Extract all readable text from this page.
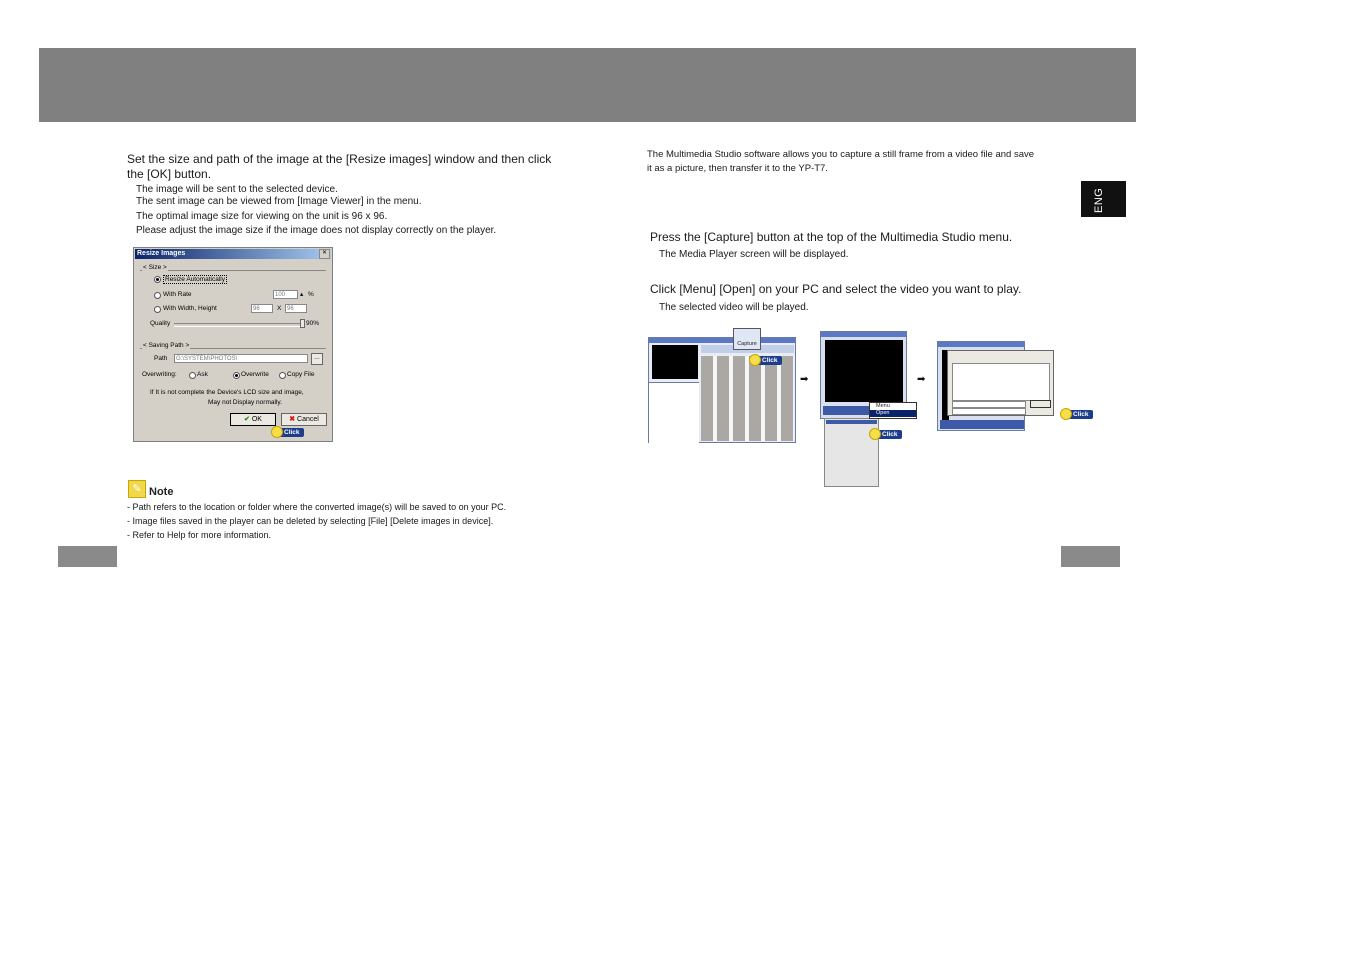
ENG
Set the size and path of the image at the [Resize images] window and then click the [OK] button.
The image will be sent to the selected device.
The sent image can be viewed from [Image Viewer] in the menu.
The optimal image size for viewing on the unit is 96 x 96.
Please adjust the image size if the image does not display correctly on the player.
Resize Images	✕
< Size >
Resize Automatically
With Rate	100	▴ %
With Width, Height	96	X 96
Quality	90%
< Saving Path >
Path	G:\SYSTEM\PHOTOS\	…
Overwriting:	Ask	Overwrite	Copy File
If It is not complete the Device's LCD size and image,
May not Display normally.
✔ OK	✖ Cancel
Click
✎ Note
- Path refers to the location or folder where the converted image(s) will be saved to on your PC.
- Image files saved in the player can be deleted by selecting [File] [Delete images in device].
- Refer to Help for more information.
The Multimedia Studio software allows you to capture a still frame from a video file and save
it as a picture, then transfer it to the YP-T7.
Press the [Capture] button at the top of the Multimedia Studio menu.
The Media Player screen will be displayed.
Click [Menu] [Open] on your PC and select the video you want to play.
The selected video will be played.
Capture
Click
➡
Menu
Open
Click
➡
Click
